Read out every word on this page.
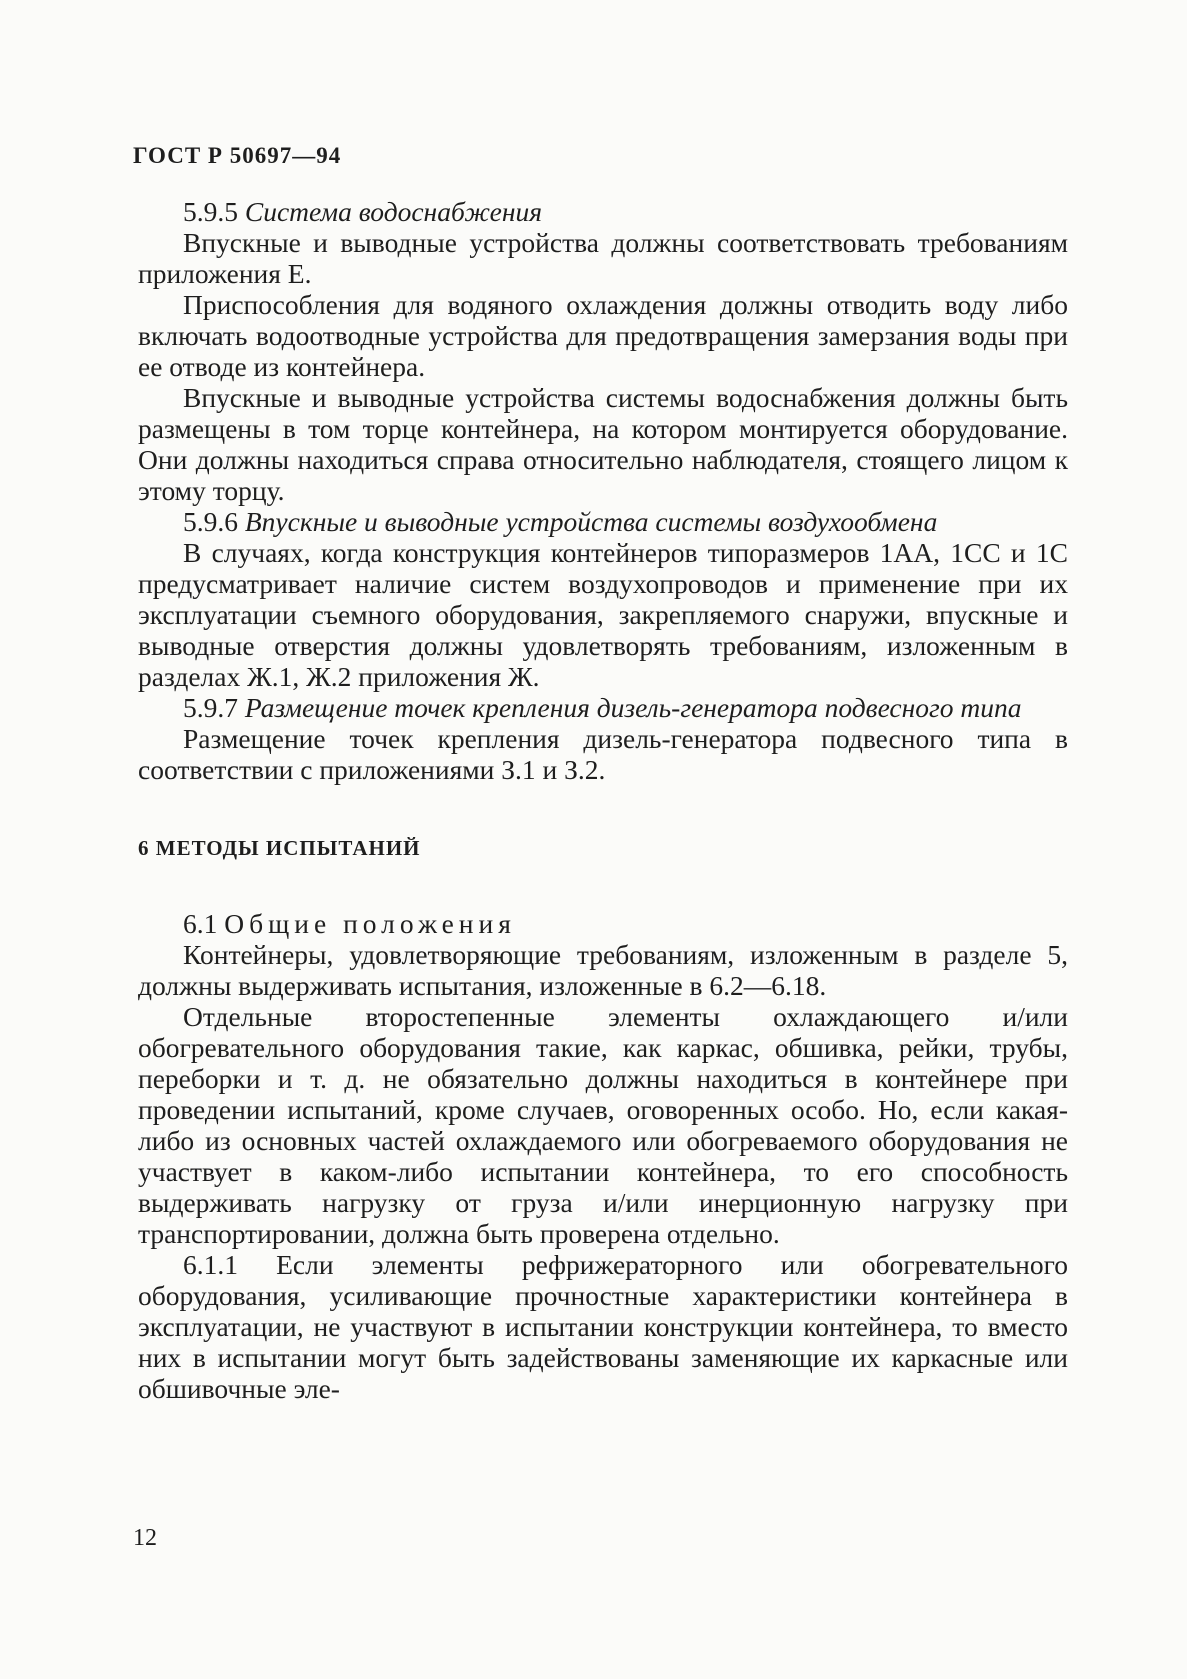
ГОСТ Р 50697—94

5.9.5 Система водоснабжения

Впускные и выводные устройства должны соответствовать требованиям приложения Е.

Приспособления для водяного охлаждения должны отводить воду либо включать водоотводные устройства для предотвращения замерзания воды при ее отводе из контейнера.

Впускные и выводные устройства системы водоснабжения должны быть размещены в том торце контейнера, на котором монтируется оборудование. Они должны находиться справа относительно наблюдателя, стоящего лицом к этому торцу.

5.9.6 Впускные и выводные устройства системы воздухообмена

В случаях, когда конструкция контейнеров типоразмеров 1АА, 1СС и 1С предусматривает наличие систем воздухопроводов и применение при их эксплуатации съемного оборудования, закрепляемого снаружи, впускные и выводные отверстия должны удовлетворять требованиям, изложенным в разделах Ж.1, Ж.2 приложения Ж.

5.9.7 Размещение точек крепления дизель-генератора подвесного типа

Размещение точек крепления дизель-генератора подвесного типа в соответствии с приложениями З.1 и З.2.

6 МЕТОДЫ ИСПЫТАНИЙ

6.1 Общие положения

Контейнеры, удовлетворяющие требованиям, изложенным в разделе 5, должны выдерживать испытания, изложенные в 6.2—6.18.

Отдельные второстепенные элементы охлаждающего и/или обогревательного оборудования такие, как каркас, обшивка, рейки, трубы, переборки и т. д. не обязательно должны находиться в контейнере при проведении испытаний, кроме случаев, оговоренных особо. Но, если какая-либо из основных частей охлаждаемого или обогреваемого оборудования не участвует в каком-либо испытании контейнера, то его способность выдерживать нагрузку от груза и/или инерционную нагрузку при транспортировании, должна быть проверена отдельно.

6.1.1 Если элементы рефрижераторного или обогревательного оборудования, усиливающие прочностные характеристики контейнера в эксплуатации, не участвуют в испытании конструкции контейнера, то вместо них в испытании могут быть задействованы заменяющие их каркасные или обшивочные эле-

12
